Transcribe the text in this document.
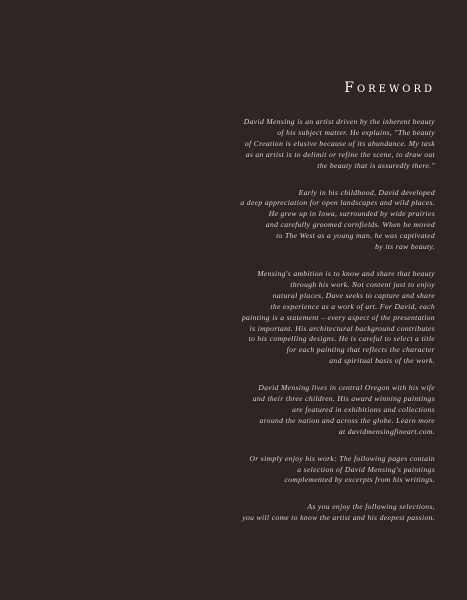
Foreword

David Mensing is an artist driven by the inherent beauty
of his subject matter. He explains, "The beauty
of Creation is elusive because of its abundance. My task
as an artist is to delimit or refine the scene, to draw out
the beauty that is assuredly there."

Early in his childhood, David developed
a deep appreciation for open landscapes and wild places.
He grew up in Iowa, surrounded by wide prairies
and carefully groomed cornfields. When he moved
to The West as a young man, he was captivated
by its raw beauty.

Mensing's ambition is to know and share that beauty
through his work. Not content just to enjoy
natural places, Dave seeks to capture and share
the experience as a work of art. For David, each
painting is a statement – every aspect of the presentation
is important. His architectural background contributes
to his compelling designs. He is careful to select a title
for each painting that reflects the character
and spiritual basis of the work.

David Mensing lives in central Oregon with his wife
and their three children. His award winning paintings
are featured in exhibitions and collections
around the nation and across the globe. Learn more
at davidmensingfineart.com.

Or simply enjoy his work: The following pages contain
a selection of David Mensing's paintings
complemented by excerpts from his writings.

As you enjoy the following selections,
you will come to know the artist and his deepest passion.
